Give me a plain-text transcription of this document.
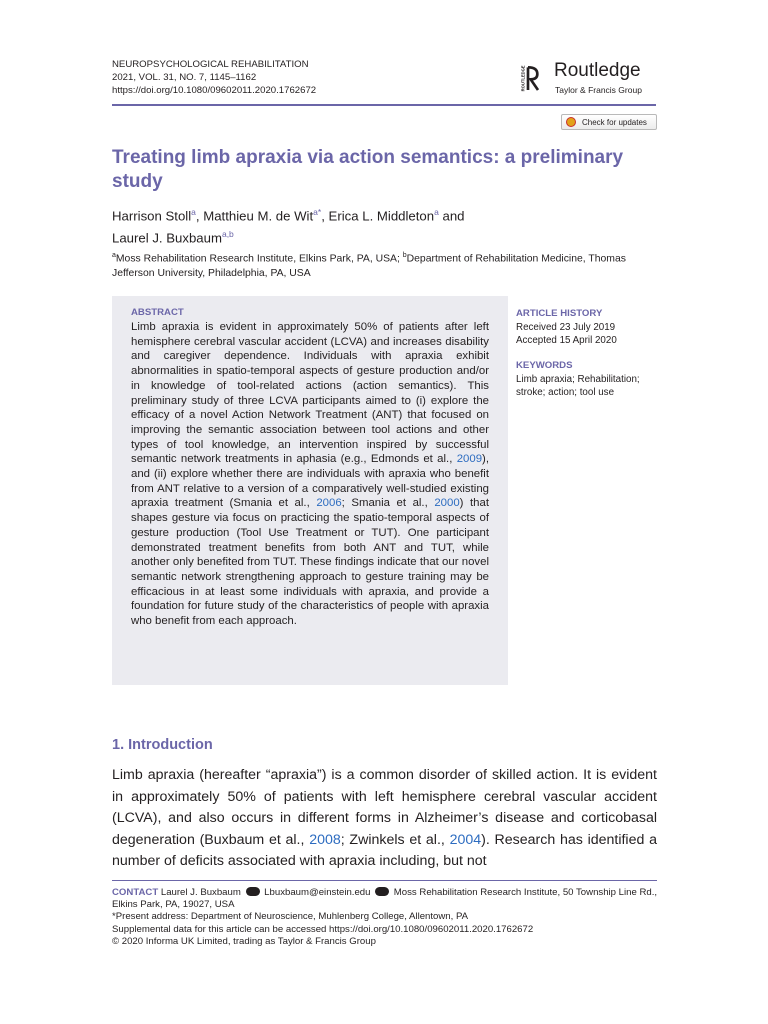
NEUROPSYCHOLOGICAL REHABILITATION
2021, VOL. 31, NO. 7, 1145–1162
https://doi.org/10.1080/09602011.2020.1762672	ROUTLEDGE Routledge
Taylor & Francis Group
Check for updates
Treating limb apraxia via action semantics: a preliminary study
Harrison Stoll$^a$, Matthieu M. de Wit$^{a*}$, Erica L. Middleton$^a$ and
Laurel J. Buxbaum$^{a,b}$
$^a$Moss Rehabilitation Research Institute, Elkins Park, PA, USA; $^b$Department of Rehabilitation Medicine, Thomas Jefferson University, Philadelphia, PA, USA
ABSTRACT
Limb apraxia is evident in approximately 50% of patients after left hemisphere cerebral vascular accident (LCVA) and increases disability and caregiver dependence. Individuals with apraxia exhibit abnormalities in spatio-temporal aspects of gesture production and/or in knowledge of tool-related actions (action semantics). This preliminary study of three LCVA participants aimed to (i) explore the efficacy of a novel Action Network Treatment (ANT) that focused on improving the semantic association between tool actions and other types of tool knowledge, an intervention inspired by successful semantic network treatments in aphasia (e.g., Edmonds et al., 2009), and (ii) explore whether there are individuals with apraxia who benefit from ANT relative to a version of a comparatively well-studied existing apraxia treatment (Smania et al., 2006; Smania et al., 2000) that shapes gesture via focus on practicing the spatio-temporal aspects of gesture production (Tool Use Treatment or TUT). One participant demonstrated treatment benefits from both ANT and TUT, while another only benefited from TUT. These findings indicate that our novel semantic network strengthening approach to gesture training may be efficacious in at least some individuals with apraxia, and provide a foundation for future study of the characteristics of people with apraxia who benefit from each approach.
ARTICLE HISTORY
Received 23 July 2019
Accepted 15 April 2020
KEYWORDS
Limb apraxia; Rehabilitation; stroke; action; tool use
1. Introduction
Limb apraxia (hereafter “apraxia”) is a common disorder of skilled action. It is evident in approximately 50% of patients with left hemisphere cerebral vascular accident (LCVA), and also occurs in different forms in Alzheimer’s disease and corticobasal degeneration (Buxbaum et al., 2008; Zwinkels et al., 2004). Research has identified a number of deficits associated with apraxia including, but not
CONTACT Laurel J. Buxbaum  Lbuxbaum@einstein.edu  Moss Rehabilitation Research Institute, 50 Township Line Rd., Elkins Park, PA, 19027, USA
*Present address: Department of Neuroscience, Muhlenberg College, Allentown, PA
Supplemental data for this article can be accessed https://doi.org/10.1080/09602011.2020.1762672
© 2020 Informa UK Limited, trading as Taylor & Francis Group
